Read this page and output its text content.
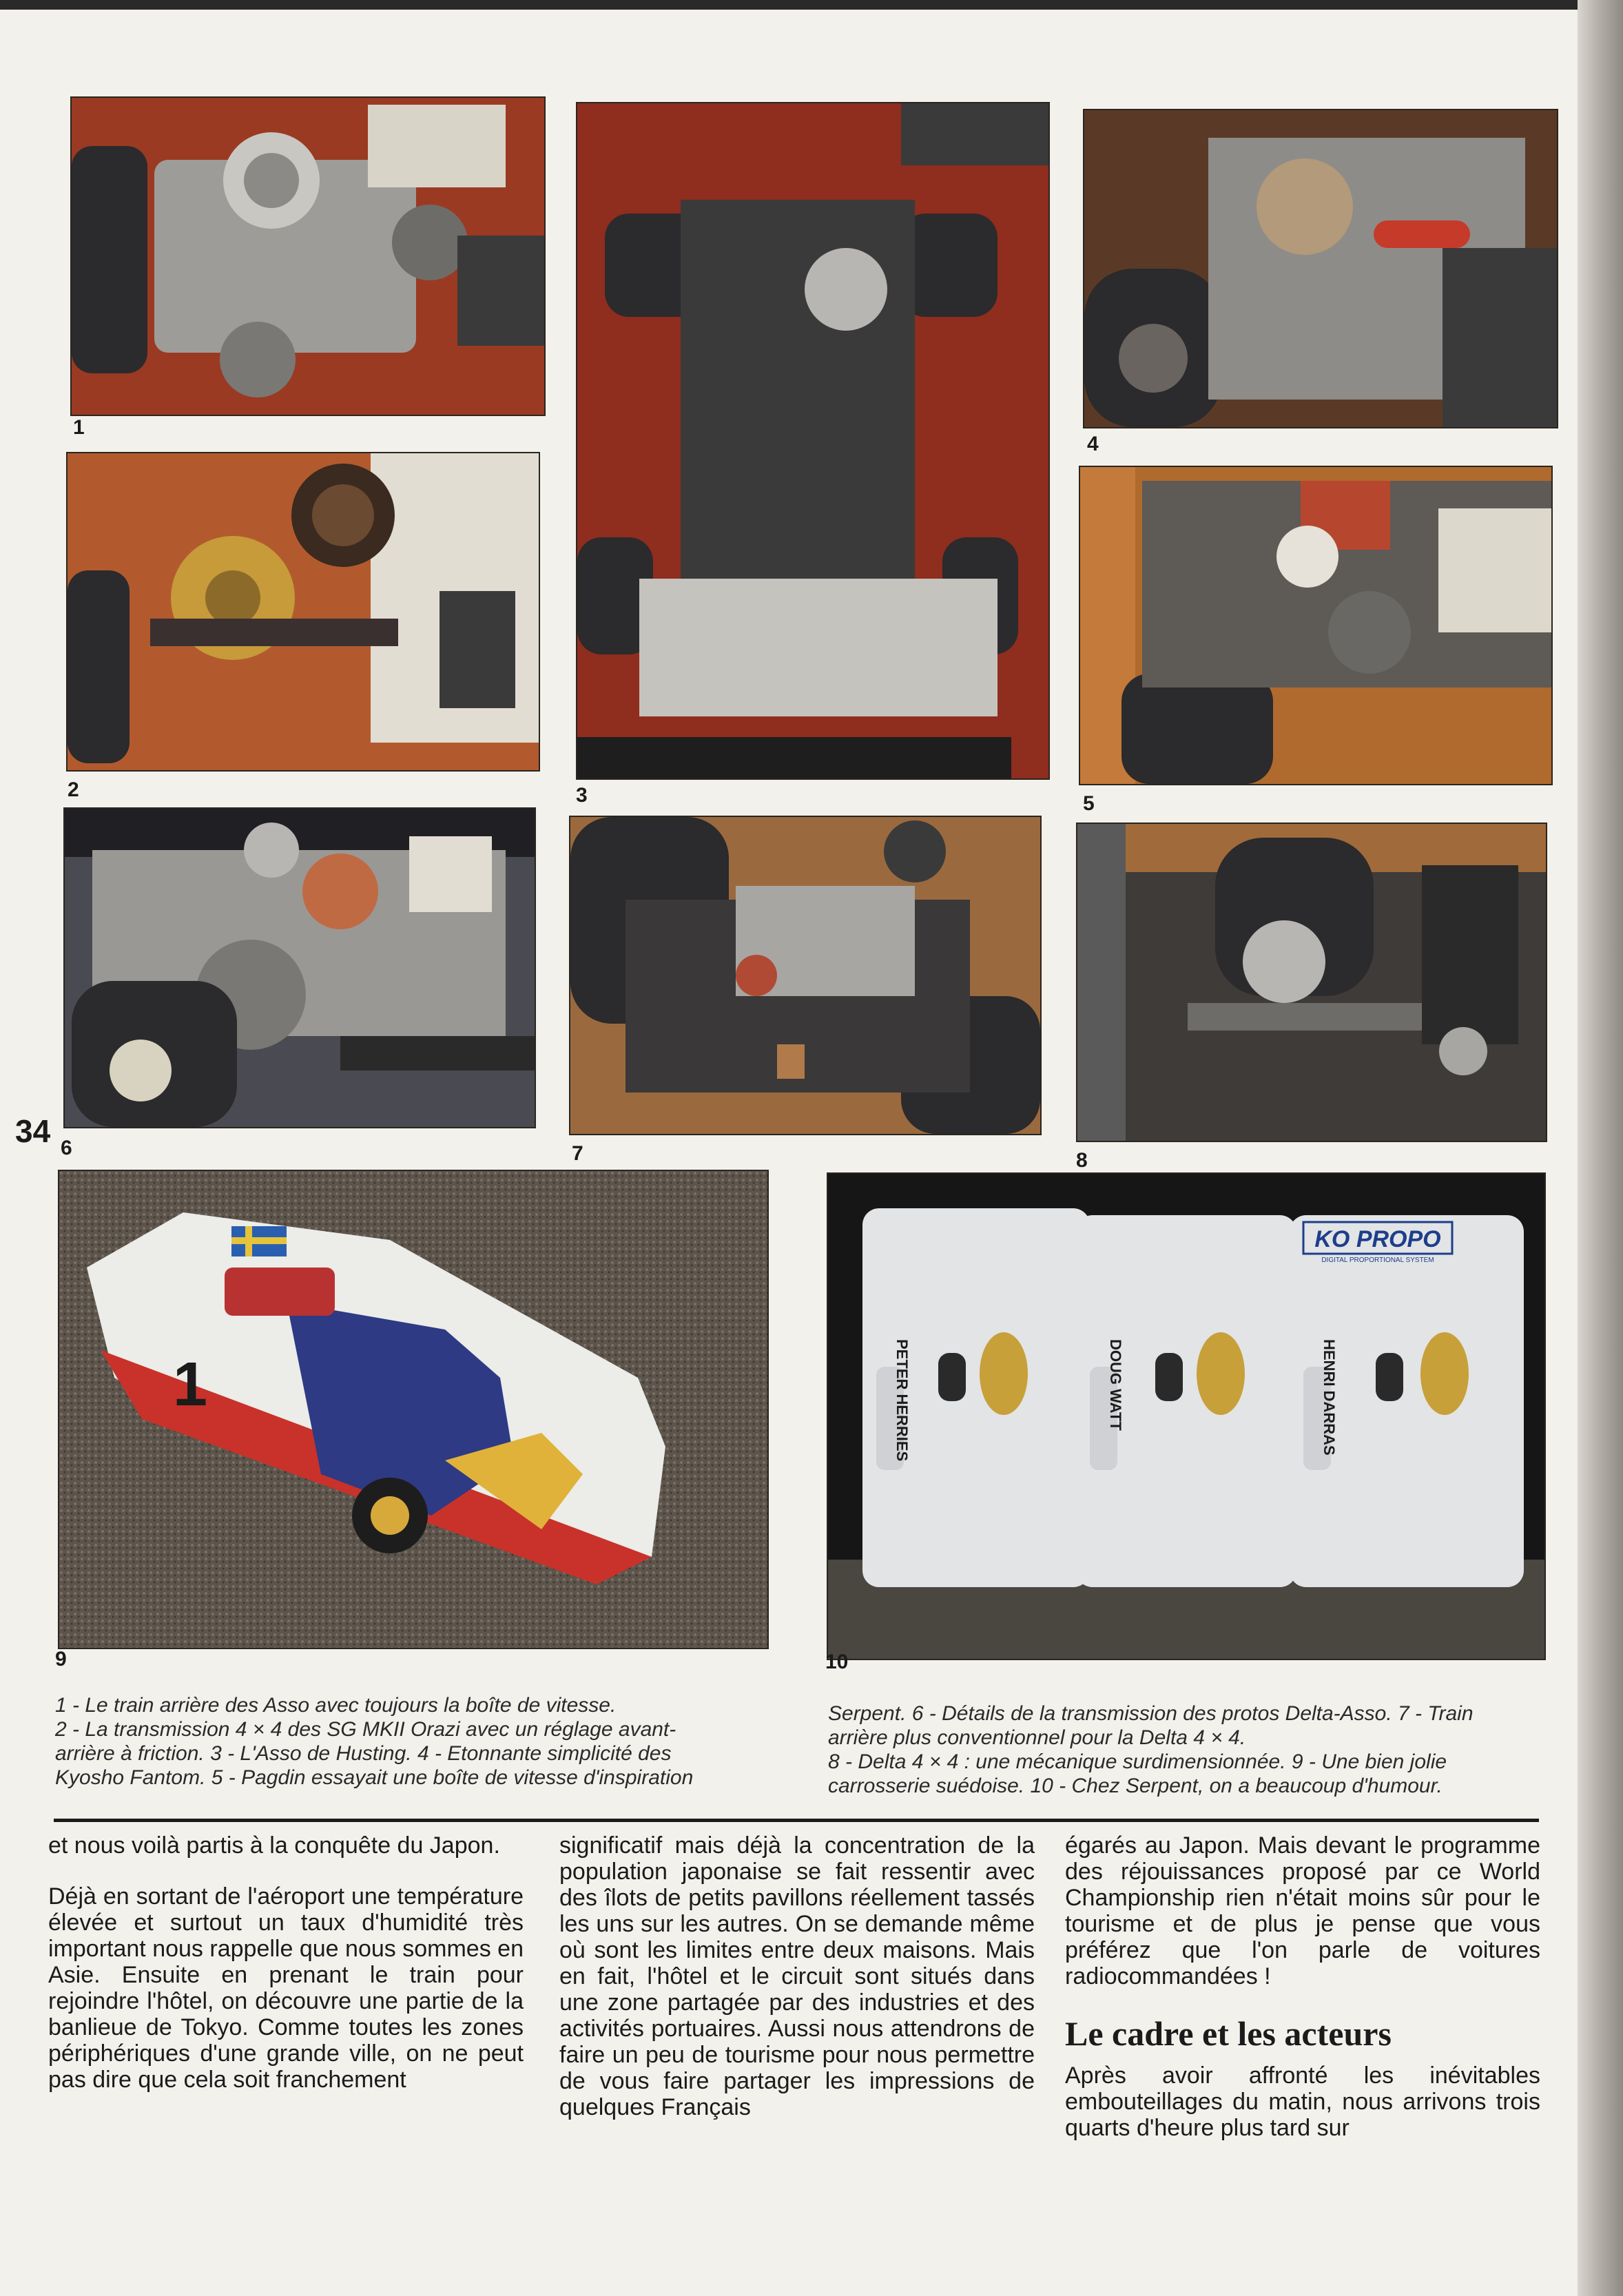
1
2	3
4
5
6	7	8
34
1
9
KO PROPO
DIGITAL PROPORTIONAL SYSTEM
PETER HERRIES	DOUG WATT	HENRI DARRAS
10

1 - Le train arrière des Asso avec toujours la boîte de vitesse.

2 - La transmission 4 × 4 des SG MKII Orazi avec un réglage avant-

arrière à friction. 3 - L'Asso de Husting. 4 - Etonnante simplicité des

Kyosho Fantom. 5 - Pagdin essayait une boîte de vitesse d'inspiration

Serpent. 6 - Détails de la transmission des protos Delta-Asso. 7 - Train

arrière plus conventionnel pour la Delta 4 × 4.

8 - Delta 4 × 4 : une mécanique surdimensionnée. 9 - Une bien jolie

carrosserie suédoise. 10 - Chez Serpent, on a beaucoup d'humour.

et nous voilà partis à la conquête du Japon.

Déjà en sortant de l'aéroport une température élevée et surtout un taux d'humidité très important nous rappelle que nous sommes en Asie. Ensuite en prenant le train pour rejoindre l'hôtel, on découvre une partie de la banlieue de Tokyo. Comme toutes les zones périphériques d'une grande ville, on ne peut pas dire que cela soit franchement

significatif mais déjà la concentration de la population japonaise se fait ressentir avec des îlots de petits pavillons réellement tassés les uns sur les autres. On se demande même où sont les limites entre deux maisons. Mais en fait, l'hôtel et le circuit sont situés dans une zone partagée par des industries et des activités portuaires. Aussi nous attendrons de faire un peu de tourisme pour nous permettre de vous faire partager les impressions de quelques Français

égarés au Japon. Mais devant le programme des réjouissances proposé par ce World Championship rien n'était moins sûr pour le tourisme et de plus je pense que vous préférez que l'on parle de voitures radiocommandées !

Le cadre et les acteurs

Après avoir affronté les inévitables embouteillages du matin, nous arrivons trois quarts d'heure plus tard sur
